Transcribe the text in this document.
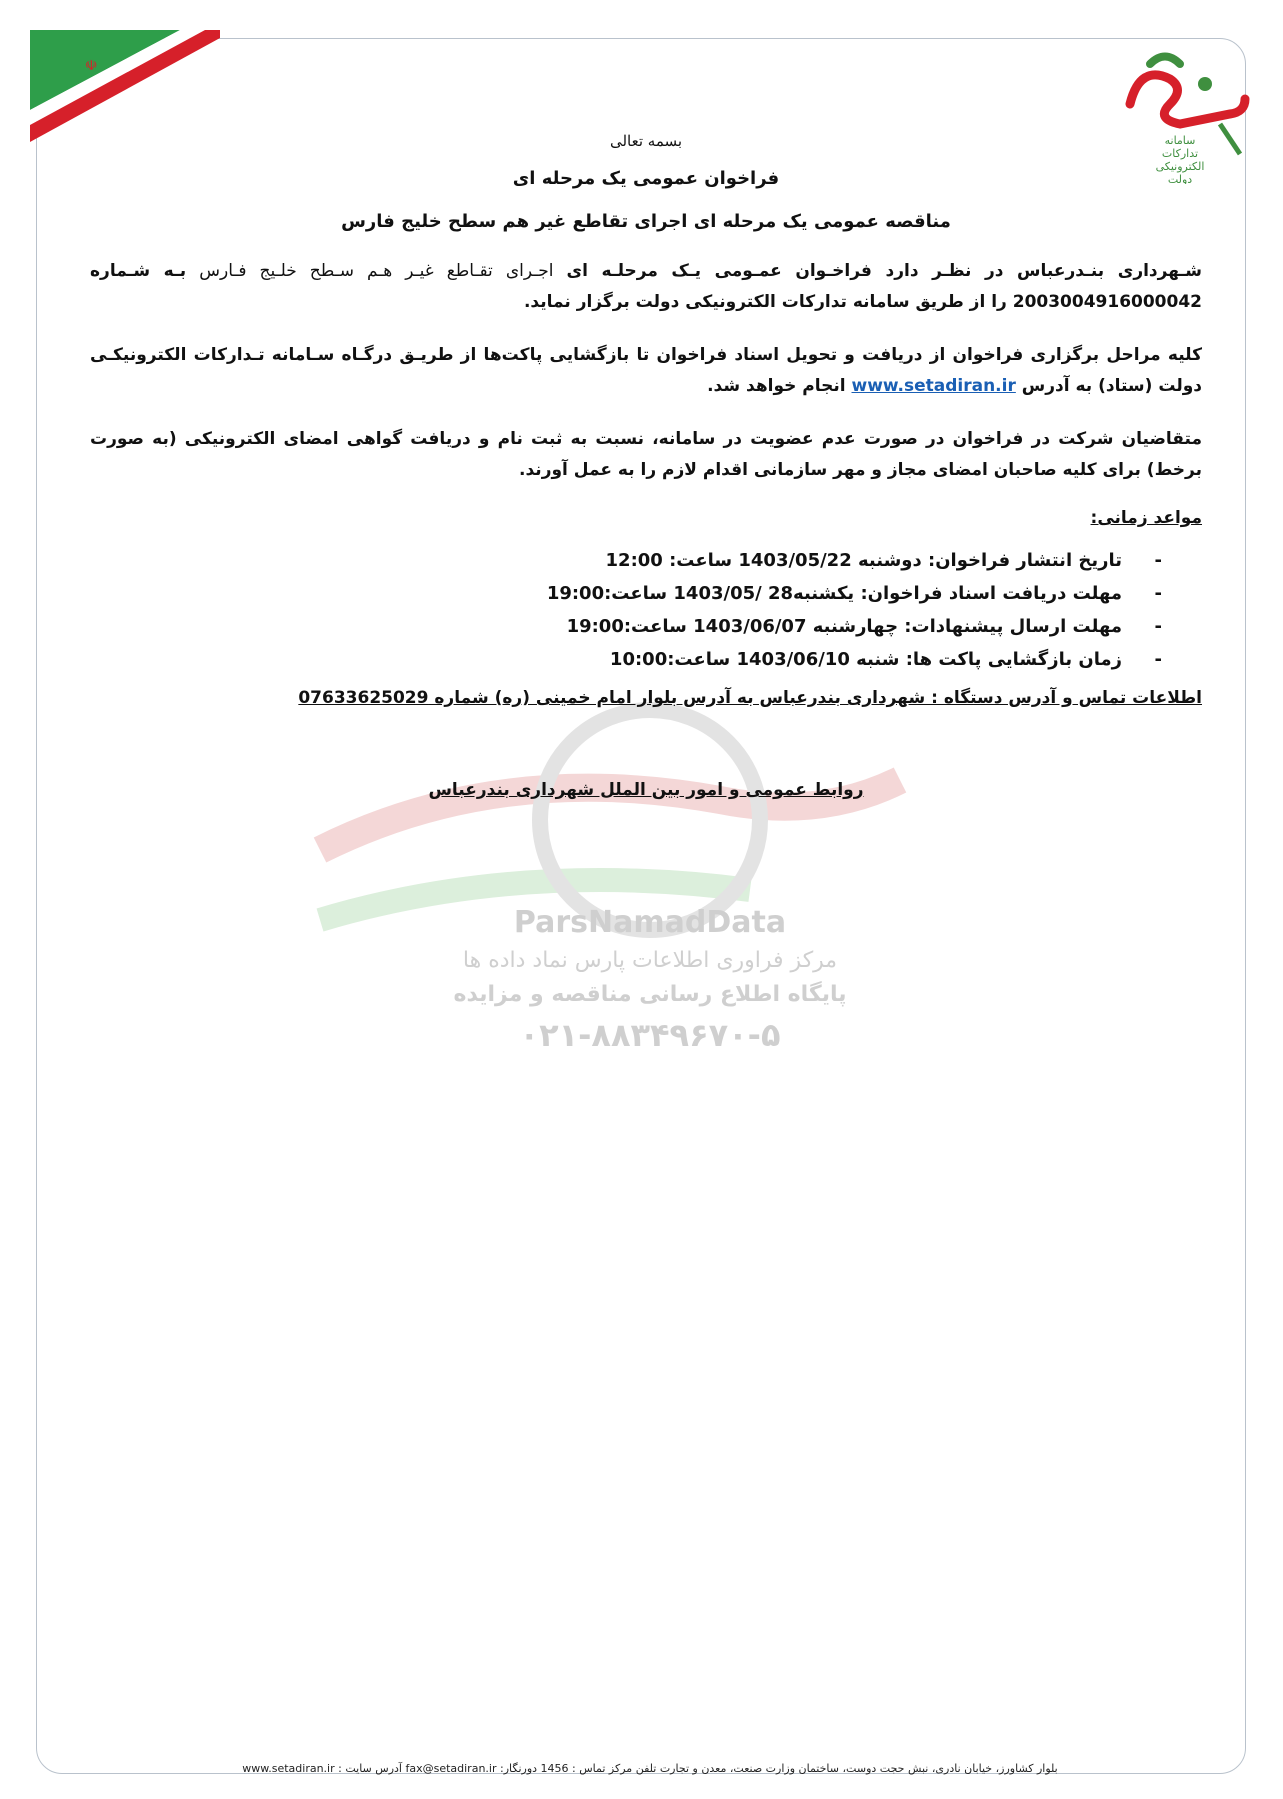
☫
سامانه
تدارکات
الکترونیکی
دولت
ParsNamadData
مرکز فراوری اطلاعات پارس نماد داده ها
پایگاه اطلاع رسانی مناقصه و مزایده
۰۲۱-۸۸۳۴۹۶۷۰-۵
بسمه تعالی
فراخوان عمومی یک مرحله ای
مناقصه عمومی یک مرحله ای اجرای تقاطع غیر هم سطح خلیج فارس
شـهرداری بنـدرعباس در نظـر دارد فراخـوان عمـومی یـک مرحلـه ای اجـرای تقـاطع غیـر هـم سـطح خلـیج فـارس بـه شـماره 2003004916000042 را از طریق سامانه تدارکات الکترونیکی دولت برگزار نماید.
کلیه مراحل برگزاری فراخوان از دریافت و تحویل اسناد فراخوان تا بازگشایی پاکت‌ها از طریـق درگـاه سـامانه تـدارکات الکترونیکـی دولت (ستاد) به آدرس www.setadiran.ir انجام خواهد شد.
متقاضیان شرکت در فراخوان در صورت عدم عضویت در سامانه، نسبت به ثبت نام و دریافت گواهی امضای الکترونیکی (به صورت برخط) برای کلیه صاحبان امضای مجاز و مهر سازمانی اقدام لازم را به عمل آورند.
مواعد زمانی:
-تاریخ انتشار فراخوان: دوشنبه 1403/05/22 ساعت: 12:00
-مهلت دریافت اسناد فراخوان: یکشنبه28 /1403/05 ساعت:19:00
-مهلت ارسال پیشنهادات: چهارشنبه 1403/06/07 ساعت:19:00
-زمان بازگشایی پاکت ها: شنبه 1403/06/10 ساعت:10:00
اطلاعات تماس و آدرس دستگاه : شهرداری بندرعباس به آدرس بلوار امام خمینی (ره) شماره 07633625029
روابط عمومی و امور بین الملل شهرداری بندرعباس
بلوار کشاورز، خیابان نادری، نبش حجت دوست، ساختمان وزارت صنعت، معدن و تجارت تلفن مرکز تماس : 1456 دورنگار: fax@setadiran.ir آدرس سایت : www.setadiran.ir
